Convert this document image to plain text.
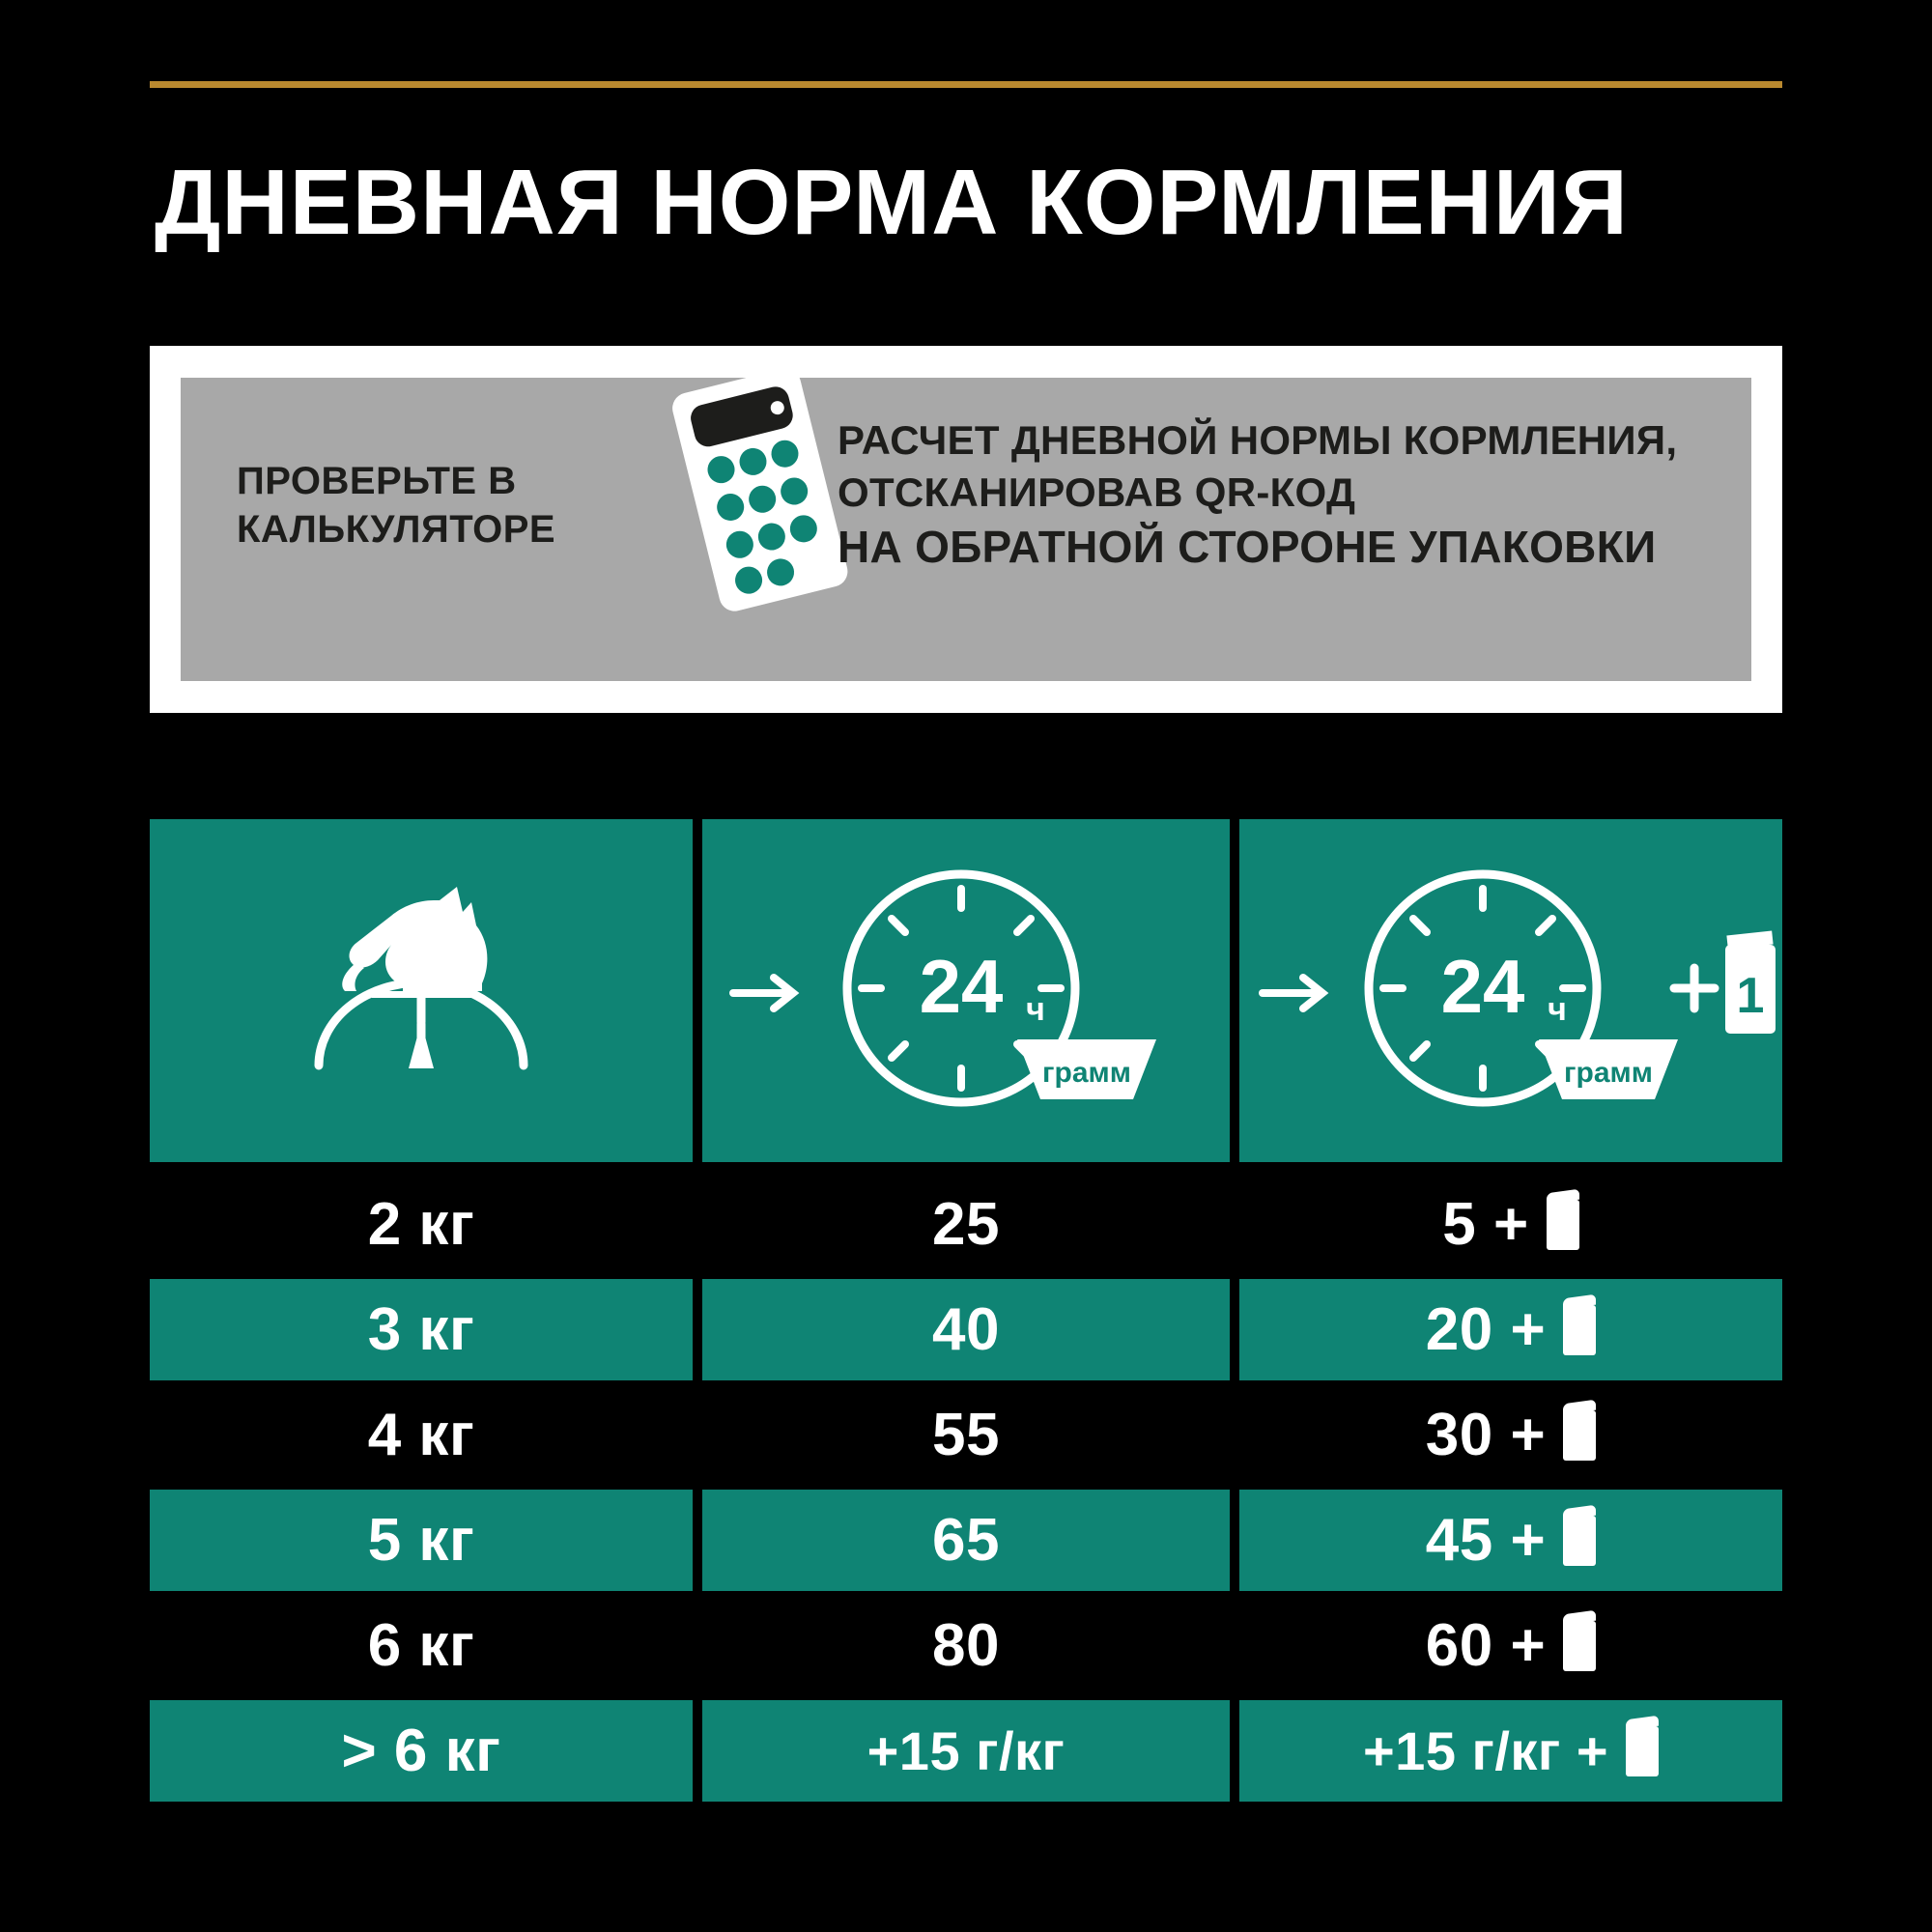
ДНЕВНАЯ НОРМА КОРМЛЕНИЯ
ПРОВЕРЬТЕ В КАЛЬКУЛЯТОРЕ
РАСЧЕТ ДНЕВНОЙ НОРМЫ КОРМЛЕНИЯ,
ОТСКАНИРОВАВ QR-КОД
НА ОБРАТНОЙ СТОРОНЕ УПАКОВКИ
24 ч
грамм
24 ч
грамм
1
2 кг	25	5 +
3 кг	40	20 +
4 кг	55	30 +
5 кг	65	45 +
6 кг	80	60 +
> 6 кг	+15 г/кг	+15 г/кг +
